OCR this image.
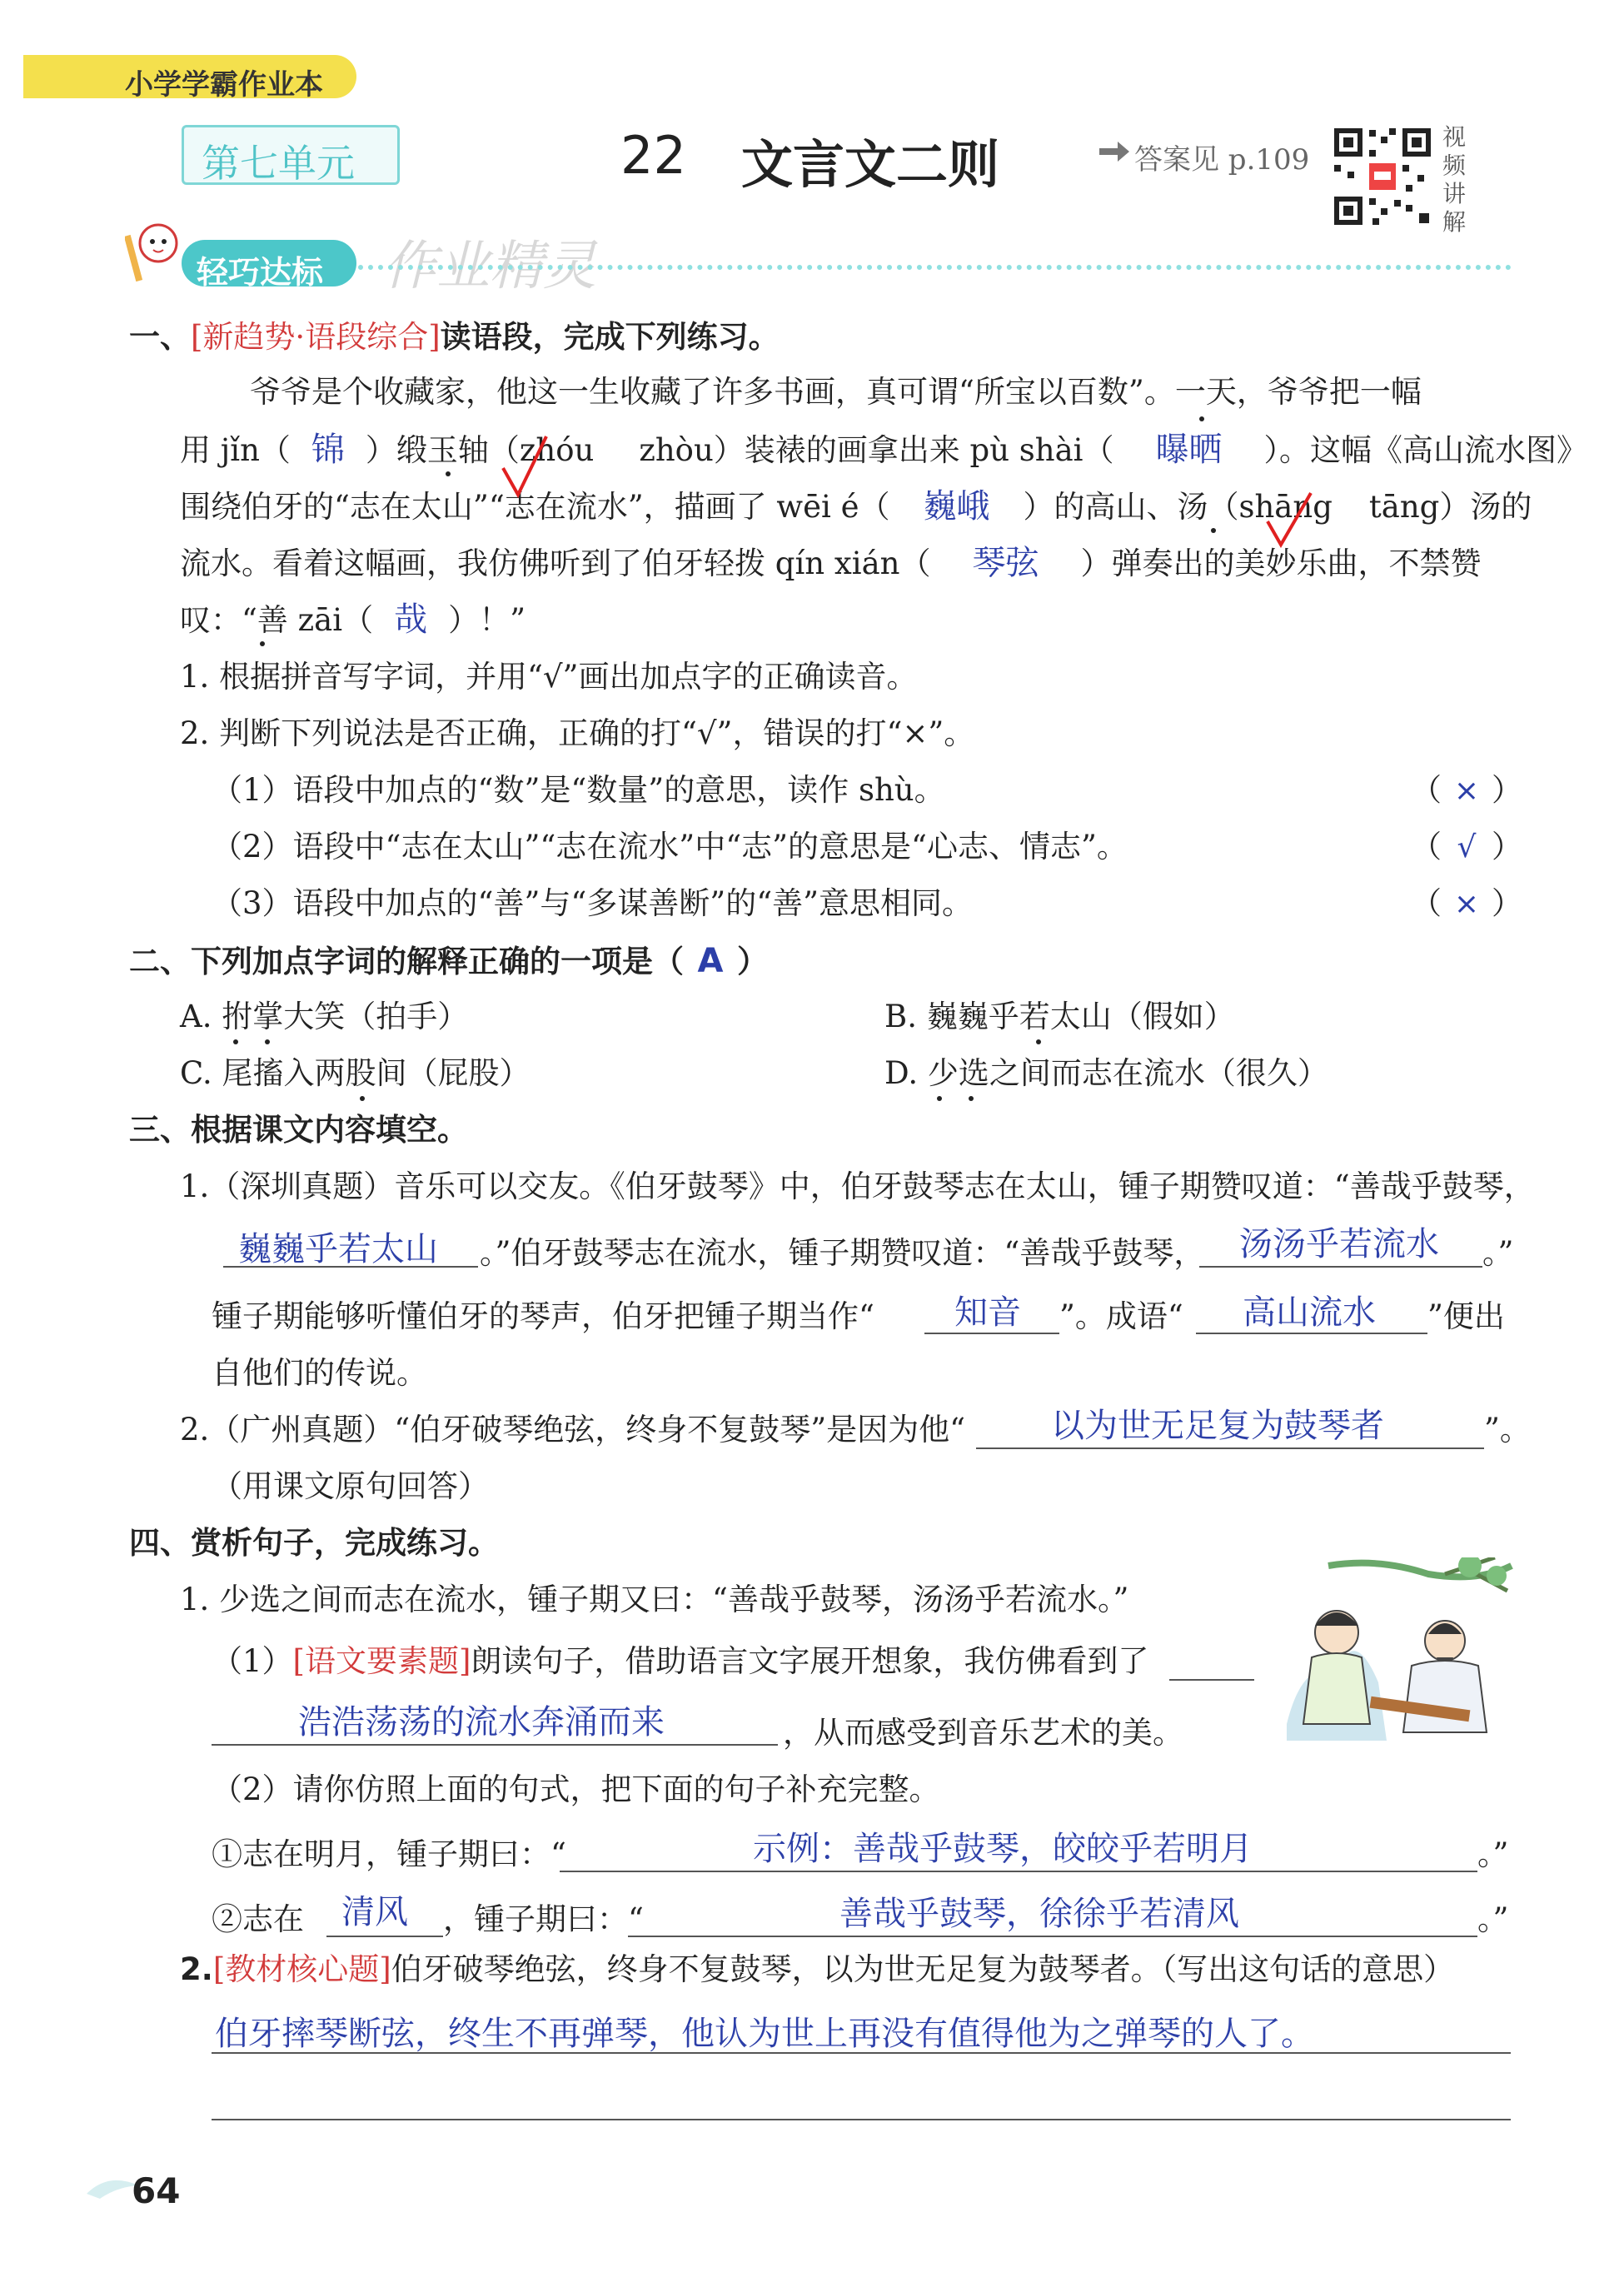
小学学霸作业本
第七单元	22 文言文二则	答案见 p.109
视
频
讲
解
轻巧达标 作业精灵
一、[新趋势·语段综合]读语段，完成下列练习。
爷爷是个收藏家，他这一生收藏了许多书画，真可谓“所宝以百数”。一天，爷爷把一幅
用 jǐn（ 锦 ）缎玉轴（zhóu zhòu）装裱的画拿出来 pù shài（ 曝晒 ）。这幅《高山流水图》
围绕伯牙的“志在太山”“志在流水”，描画了 wēi é（ 巍峨 ）的高山、汤（shāng tāng）汤的
流水。看着这幅画，我仿佛听到了伯牙轻拨 qín xián（ 琴弦 ）弹奏出的美妙乐曲，不禁赞
叹：“善 zāi（ 哉 ）！”
1. 根据拼音写字词，并用“√”画出加点字的正确读音。
2. 判断下列说法是否正确，正确的打“√”，错误的打“×”。
（1）语段中加点的“数”是“数量”的意思，读作 shù。	（ × ）
（2）语段中“志在太山”“志在流水”中“志”的意思是“心志、情志”。	（ √ ）
（3）语段中加点的“善”与“多谋善断”的“善”意思相同。	（ × ）
二、下列加点字词的解释正确的一项是（ A ）
A. 拊掌大笑（拍手）	B. 巍巍乎若太山（假如）
C. 尾搐入两股间（屁股）	D. 少选之间而志在流水（很久）
三、根据课文内容填空。
1.（深圳真题）音乐可以交友。《伯牙鼓琴》中，伯牙鼓琴志在太山，锺子期赞叹道：“善哉乎鼓琴，
巍巍乎若太山 。”伯牙鼓琴志在流水，锺子期赞叹道：“善哉乎鼓琴， 汤汤乎若流水 。”
锺子期能够听懂伯牙的琴声，伯牙把锺子期当作“ 知音 ”。成语“ 高山流水 ”便出
自他们的传说。
2.（广州真题）“伯牙破琴绝弦，终身不复鼓琴”是因为他“	以为世无足复为鼓琴者	”。
（用课文原句回答）
四、赏析句子，完成练习。
1. 少选之间而志在流水，锺子期又曰：“善哉乎鼓琴，汤汤乎若流水。”
（1）[语文要素题]朗读句子，借助语言文字展开想象，我仿佛看到了
浩浩荡荡的流水奔涌而来	，从而感受到音乐艺术的美。
（2）请你仿照上面的句式，把下面的句子补充完整。
①志在明月，锺子期曰：“	示例：善哉乎鼓琴，皎皎乎若明月	。”
②志在 清风 ，锺子期曰：“	善哉乎鼓琴，徐徐乎若清风	。”
2.[教材核心题]伯牙破琴绝弦，终身不复鼓琴，以为世无足复为鼓琴者。（写出这句话的意思）
伯牙摔琴断弦，终生不再弹琴，他认为世上再没有值得他为之弹琴的人了。
64
